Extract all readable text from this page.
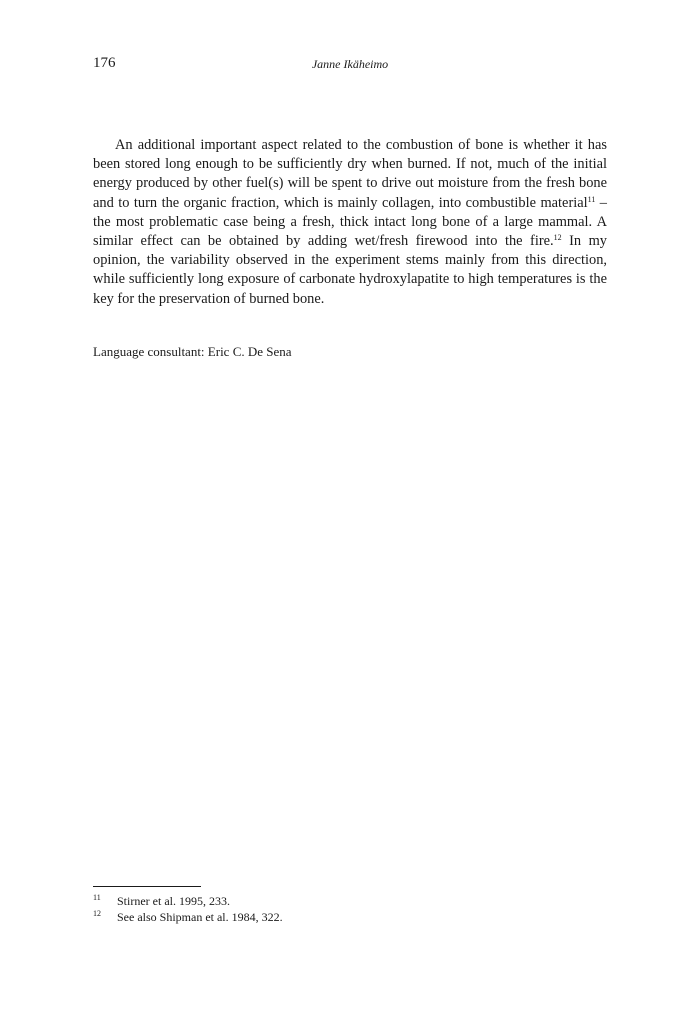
176	Janne Ikäheimo

An additional important aspect related to the combustion of bone is whether it has been stored long enough to be sufficiently dry when burned. If not, much of the initial energy produced by other fuel(s) will be spent to drive out moisture from the fresh bone and to turn the organic fraction, which is mainly collagen, into combustible material$^{11}$ – the most problematic case being a fresh, thick intact long bone of a large mammal. A similar effect can be obtained by adding wet/fresh firewood into the fire.$^{12}$ In my opinion, the variability observed in the experiment stems mainly from this direction, while sufficiently long exposure of carbonate hydroxylapatite to high temperatures is the key for the preservation of burned bone.

Language consultant: Eric C. De Sena
11 Stirner et al. 1995, 233.
12 See also Shipman et al. 1984, 322.
